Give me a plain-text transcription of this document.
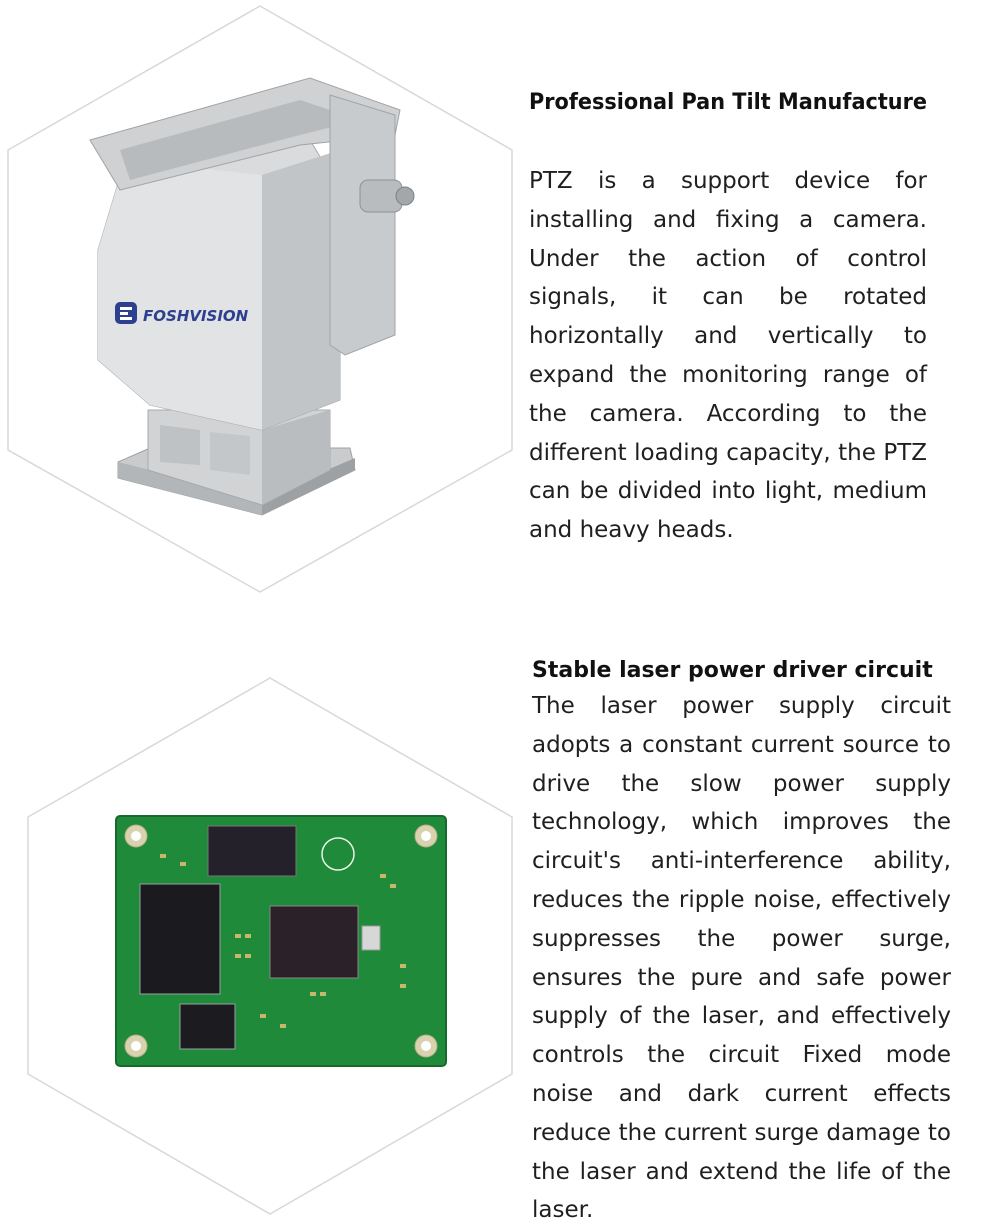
FOSHVISION
Professional Pan Tilt Manufacture

PTZ is a support device for installing and fixing a camera. Under the action of control signals, it can be rotated horizontally and vertically to expand the monitoring range of the camera. According to the different loading capacity, the PTZ can be divided into light, medium and heavy heads.

Stable laser power driver circuit

The laser power supply circuit adopts a constant current source to drive the slow power supply technology, which improves the circuit's anti-interference ability, reduces the ripple noise, effectively suppresses the power surge, ensures the pure and safe power supply of the laser, and effectively controls the circuit Fixed mode noise and dark current effects reduce the current surge damage to the laser and extend the life of the laser.
